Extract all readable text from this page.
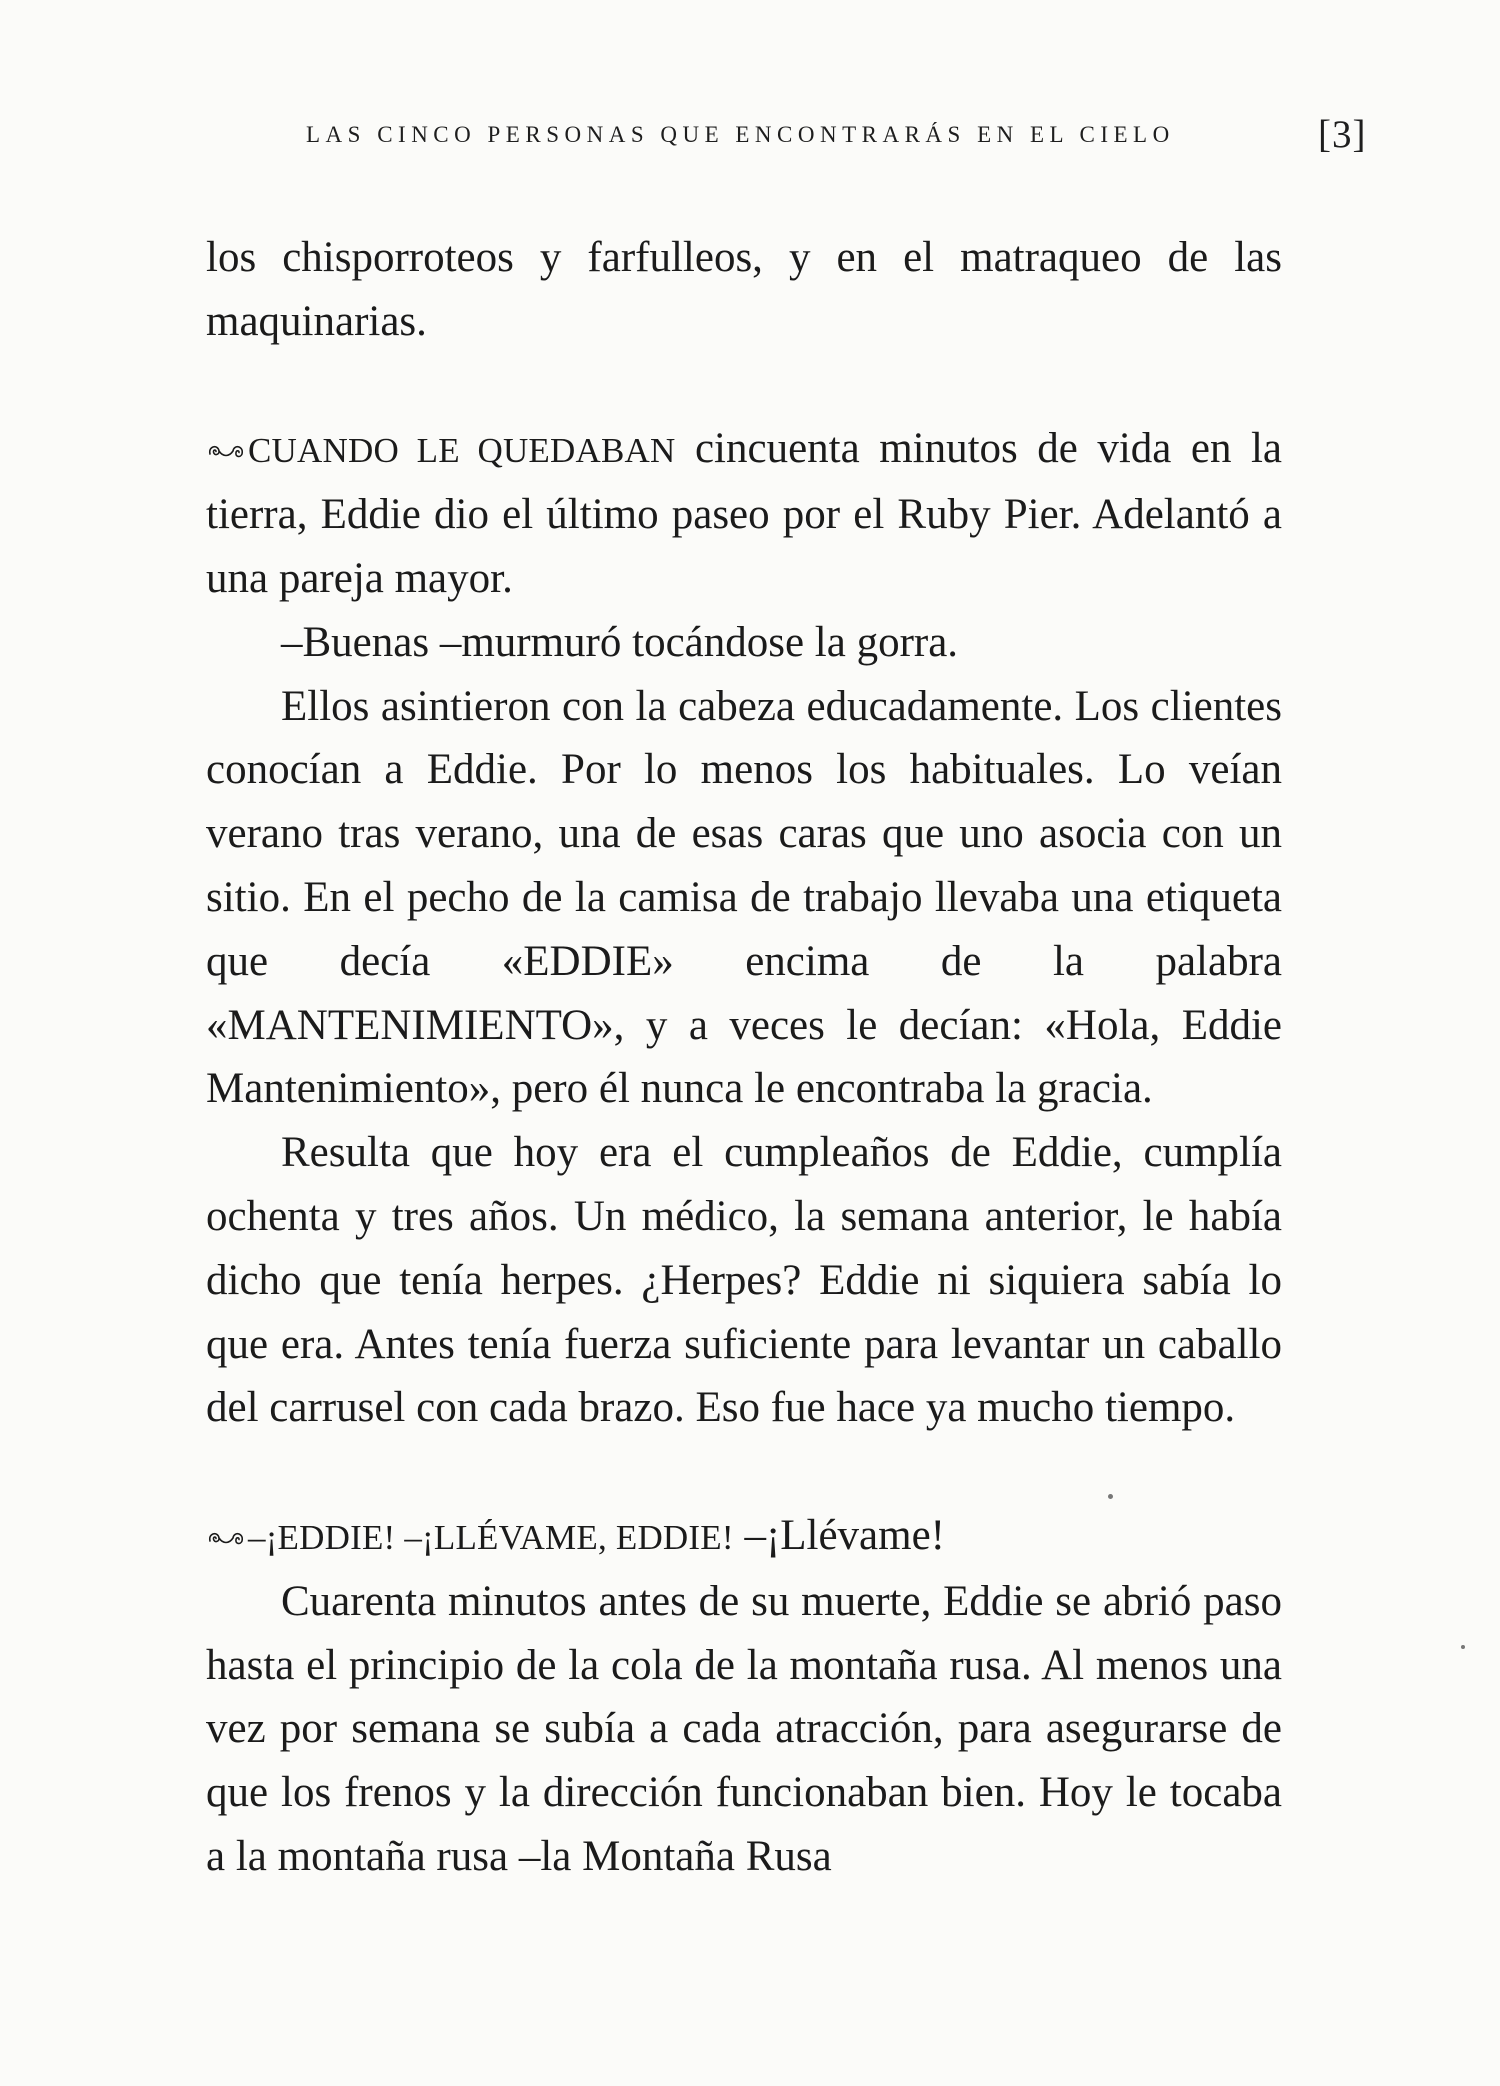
LAS CINCO PERSONAS QUE ENCONTRARÁS EN EL CIELO	[3]

los chisporroteos y farfulleos, y en el matraqueo de las maquinarias.

CUANDO LE QUEDABAN cincuenta minutos de vida en la tierra, Eddie dio el último paseo por el Ruby Pier. Adelantó a una pareja mayor.

–Buenas –murmuró tocándose la gorra.

Ellos asintieron con la cabeza educadamente. Los clientes conocían a Eddie. Por lo menos los habituales. Lo veían verano tras verano, una de esas caras que uno asocia con un sitio. En el pecho de la camisa de trabajo llevaba una etiqueta que decía «EDDIE» encima de la palabra «MANTENIMIENTO», y a veces le decían: «Hola, Eddie Mantenimiento», pero él nunca le encontraba la gracia.

Resulta que hoy era el cumpleaños de Eddie, cumplía ochenta y tres años. Un médico, la semana anterior, le había dicho que tenía herpes. ¿Herpes? Eddie ni siquiera sabía lo que era. Antes tenía fuerza suficiente para levantar un caballo del carrusel con cada brazo. Eso fue hace ya mucho tiempo.

–¡EDDIE! –¡LLÉVAME, EDDIE! –¡Llévame!

Cuarenta minutos antes de su muerte, Eddie se abrió paso hasta el principio de la cola de la montaña rusa. Al menos una vez por semana se subía a cada atracción, para asegurarse de que los frenos y la dirección funcionaban bien. Hoy le tocaba a la montaña rusa –la Montaña Rusa
